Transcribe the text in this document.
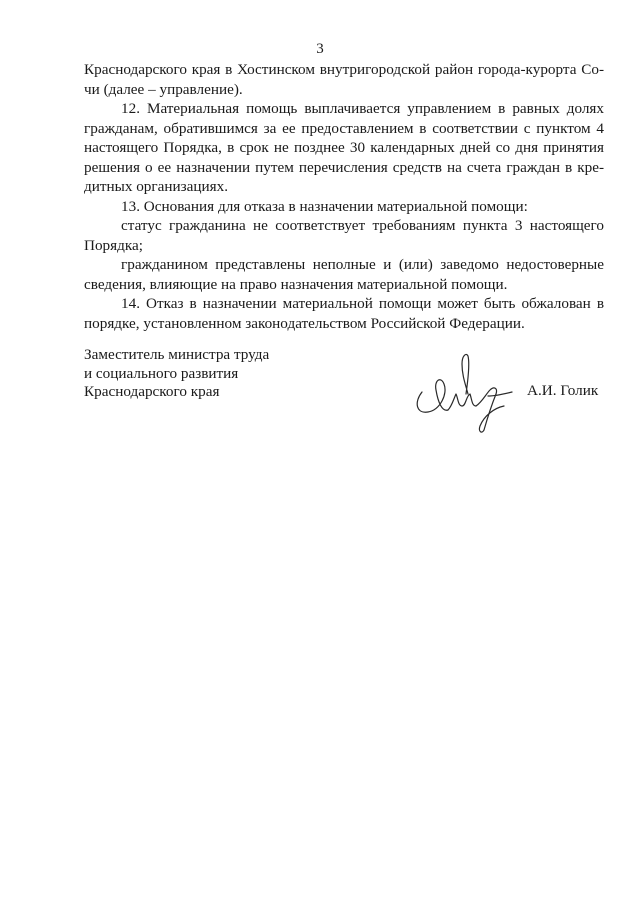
3
Краснодарского края в Хостинском внутригородской район города-курорта Со-
чи (далее – управление).
12. Материальная помощь выплачивается управлением в равных долях
гражданам, обратившимся за ее предоставлением в соответствии с пунктом 4
настоящего Порядка, в срок не позднее 30 календарных дней со дня принятия
решения о ее назначении путем перечисления средств на счета граждан в кре-
дитных организациях.
13. Основания для отказа в назначении материальной помощи:
статус гражданина не соответствует требованиям пункта 3 настоящего
Порядка;
гражданином представлены неполные и (или) заведомо недостоверные
сведения, влияющие на право назначения материальной помощи.
14. Отказ в назначении материальной помощи может быть обжалован в
порядке, установленном законодательством Российской Федерации.
Заместитель министра труда
и социального развития
Краснодарского края	А.И. Голик
